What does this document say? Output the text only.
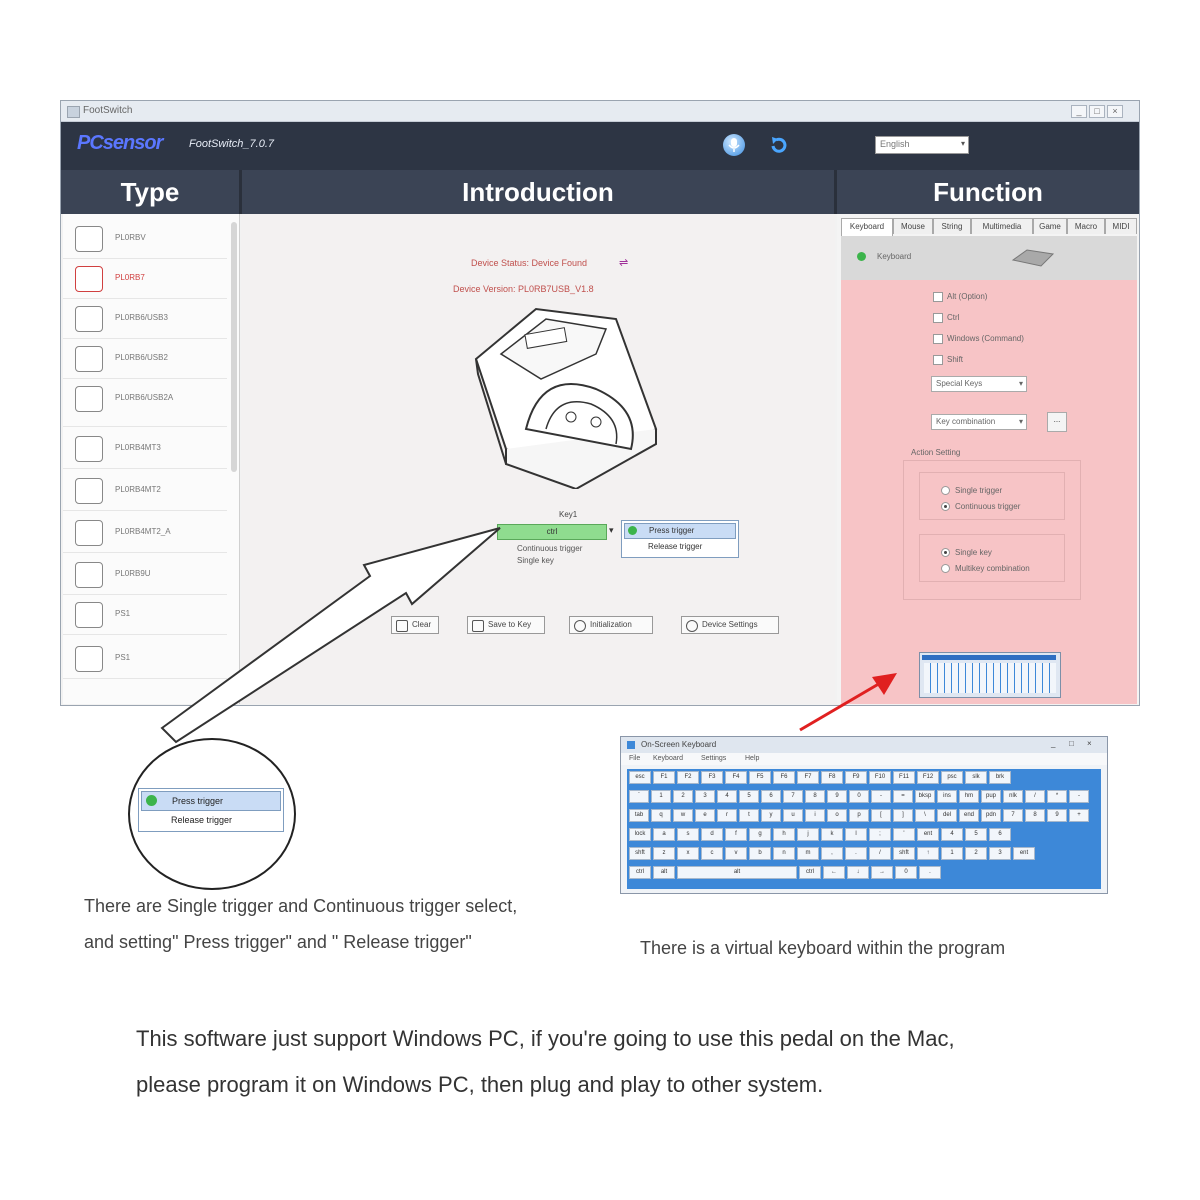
FootSwitch	_	□	×
PCsensor	FootSwitch_7.0.7	English	▾
Type	Introduction	Function
PL0RBV
PL0RB7
PL0RB6/USB3
PL0RB6/USB2
PL0RB6/USB2A
PL0RB4MT3
PL0RB4MT2
PL0RB4MT2_A
PL0RB9U
PS1
PS1
Device Status: Device Found	⇌
Device Version: PL0RB7USB_V1.8
Key1
ctrl	▾	Press trigger
Release trigger
Continuous trigger
Single key
Clear	Save to Key	Initialization	Device Settings
Keyboard	Mouse	String	Multimedia	Game	Macro	MIDI
Keyboard
Alt (Option)
Ctrl
Windows (Command)
Shift
Special Keys	▾
Key combination	▾	...
Action Setting
Single trigger
Continuous trigger
Single key
Multikey combination
Press trigger
Release trigger
There are Single trigger and Continuous trigger select,
and setting" Press trigger" and " Release trigger"	There is a virtual keyboard within the program
This software just support Windows PC, if you're going to use this pedal on the Mac,
please program it on Windows PC, then plug and play to other system.
On-Screen Keyboard	_ □ ×
File Keyboard	Settings	Help
esc	F1	F2	F3	F4	F5	F6	F7	F8	F9	F10	F11	F12	psc	slk	brk
`	1	2	3	4	5	6	7	8	9	0	-	=	bksp	ins	hm	pup	nlk	/	*	-
tab	q	w	e	r	t	y	u	i	o	p	[	]	\	del	end	pdn	7	8	9	+
lock	a	s	d	f	g	h	j	k	l	;	'	ent	4	5	6
shft	z	x	c	v	b	n	m	,	.	/	shft	↑	1	2	3	ent
ctrl	alt	alt	ctrl	←	↓	→	0	.
